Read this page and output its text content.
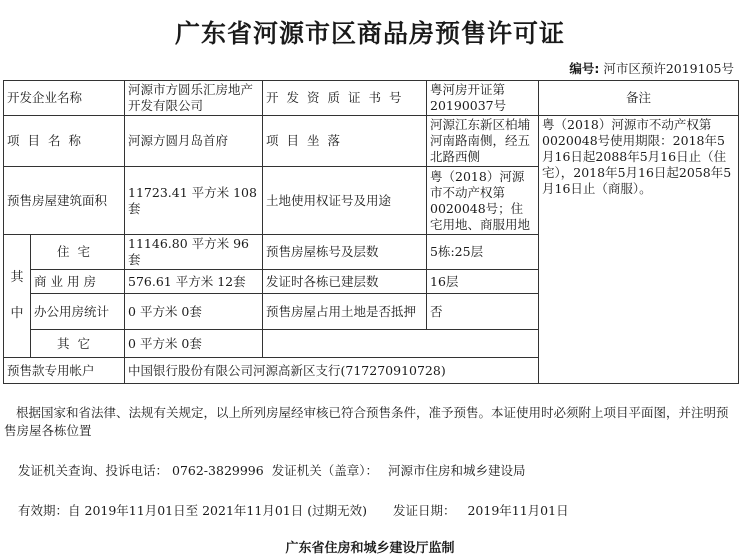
广东省河源市区商品房预售许可证
编号: 河市区预许2019105号
开发企业名称		河源市方圆乐汇房地产开发有限公司	开发资质证书号	粤河房开证第20190037号	备注
项目名称		河源方圆月岛首府	项目坐落	河源江东新区柏埔河南路南侧，经五北路西侧	粤（2018）河源市不动产权第0020048号使用期限：2018年5月16日起2088年5月16日止（住宅），2018年5月16日起2058年5月16日止（商服）。
预售房屋建筑面积		11723.41 平方米 108套	土地使用权证号及用途	粤（2018）河源市不动产权第0020048号；住宅用地、商服用地	
其中	住宅	11146.80 平方米 96套	预售房屋栋号及层数	5栋:25层	
	商业用房	576.61 平方米 12套	发证时各栋已建层数	16层	
	办公用房统计	0 平方米 0套	预售房屋占用土地是否抵押	否	
	其它	0 平方米 0套			
预售款专用帐户		中国银行股份有限公司河源高新区支行(717270910728)			
根据国家和省法律、法规有关规定，以上所列房屋经审核已符合预售条件，准予预售。本证使用时必须附上项目平面图，并注明预售房屋各栋位置
发证机关查询、投诉电话： 0762-3829996 发证机关（盖章）： 河源市住房和城乡建设局
有效期：自 2019年11月01日至 2021年11月01日 (过期无效) 发证日期： 2019年11月01日
广东省住房和城乡建设厅监制
